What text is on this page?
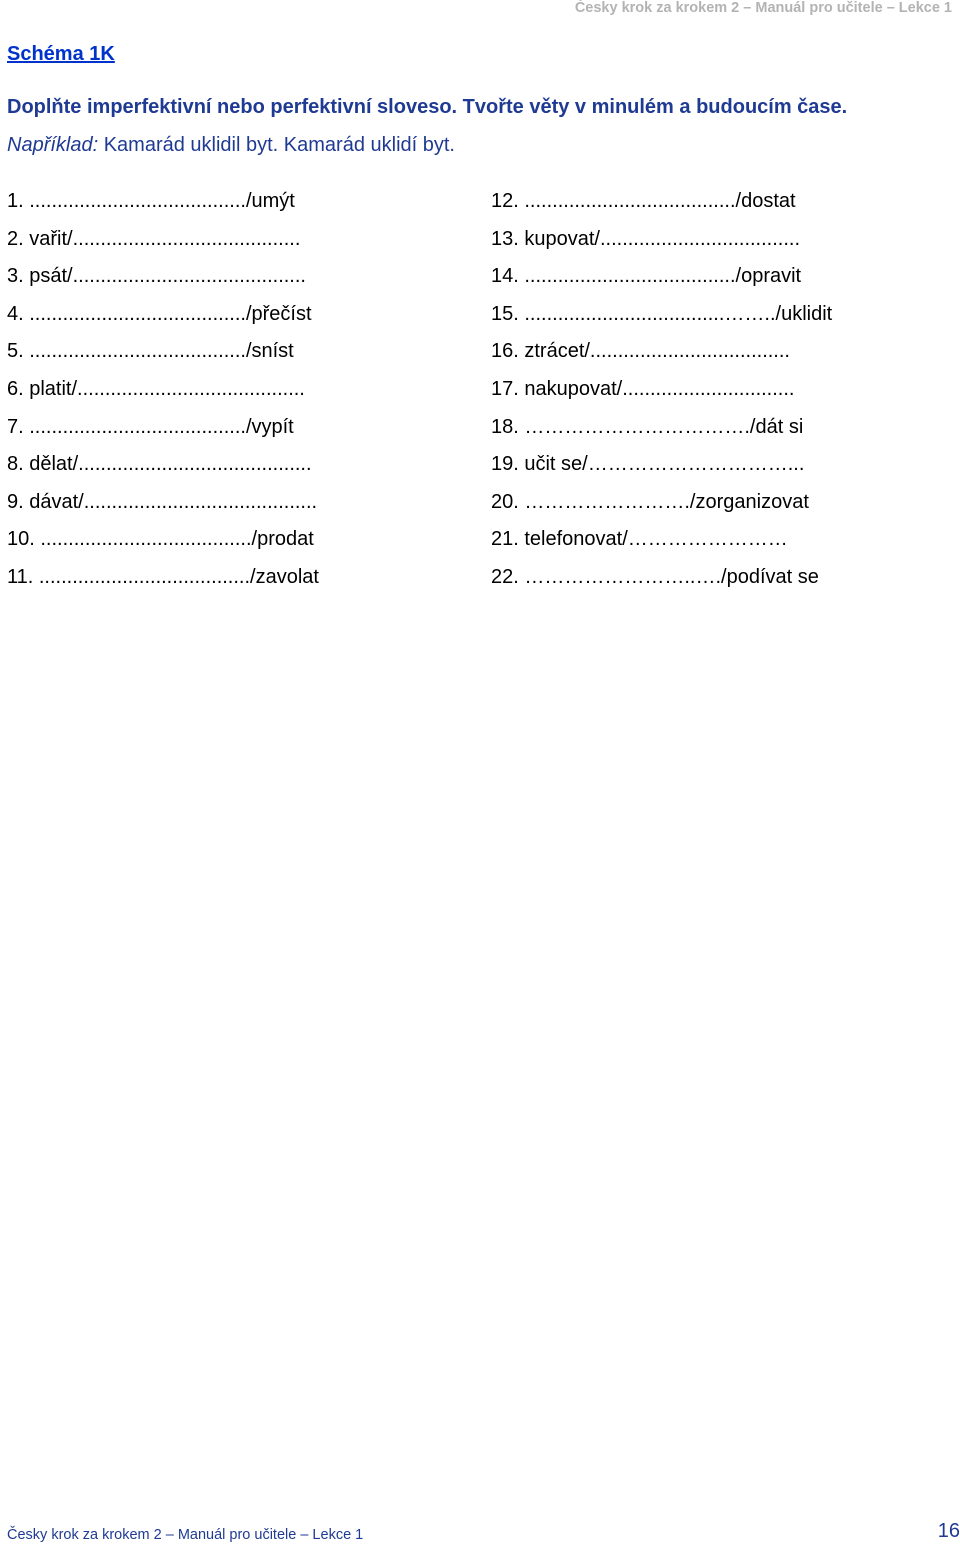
Česky krok za krokem 2 – Manuál pro učitele – Lekce 1
Schéma 1K
Doplňte imperfektivní nebo perfektivní sloveso. Tvořte věty v minulém a budoucím čase.
Například: Kamarád uklidil byt. Kamarád uklidí byt.
1. ......................................./umýt
2. vařit/.........................................
3. psát/..........................................
4. ......................................./přečíst
5. ......................................./sníst
6. platit/.........................................
7. ......................................./vypít
8. dělat/..........................................
9. dávat/..........................................
10. ....................................../prodat
11. ....................................../zavolat
12. ....................................../dostat
13. kupovat/....................................
14. ....................................../opravit
15. ....................................……../uklidit
16. ztrácet/....................................
17. nakupovat/...............................
18. ……………………………./dát si
19. učit se/…………………………...
20. ……………………./zorganizovat
21. telefonovat/……………………
22. ……………………..…./podívat se
Česky krok za krokem 2 – Manuál pro učitele – Lekce 1	16
